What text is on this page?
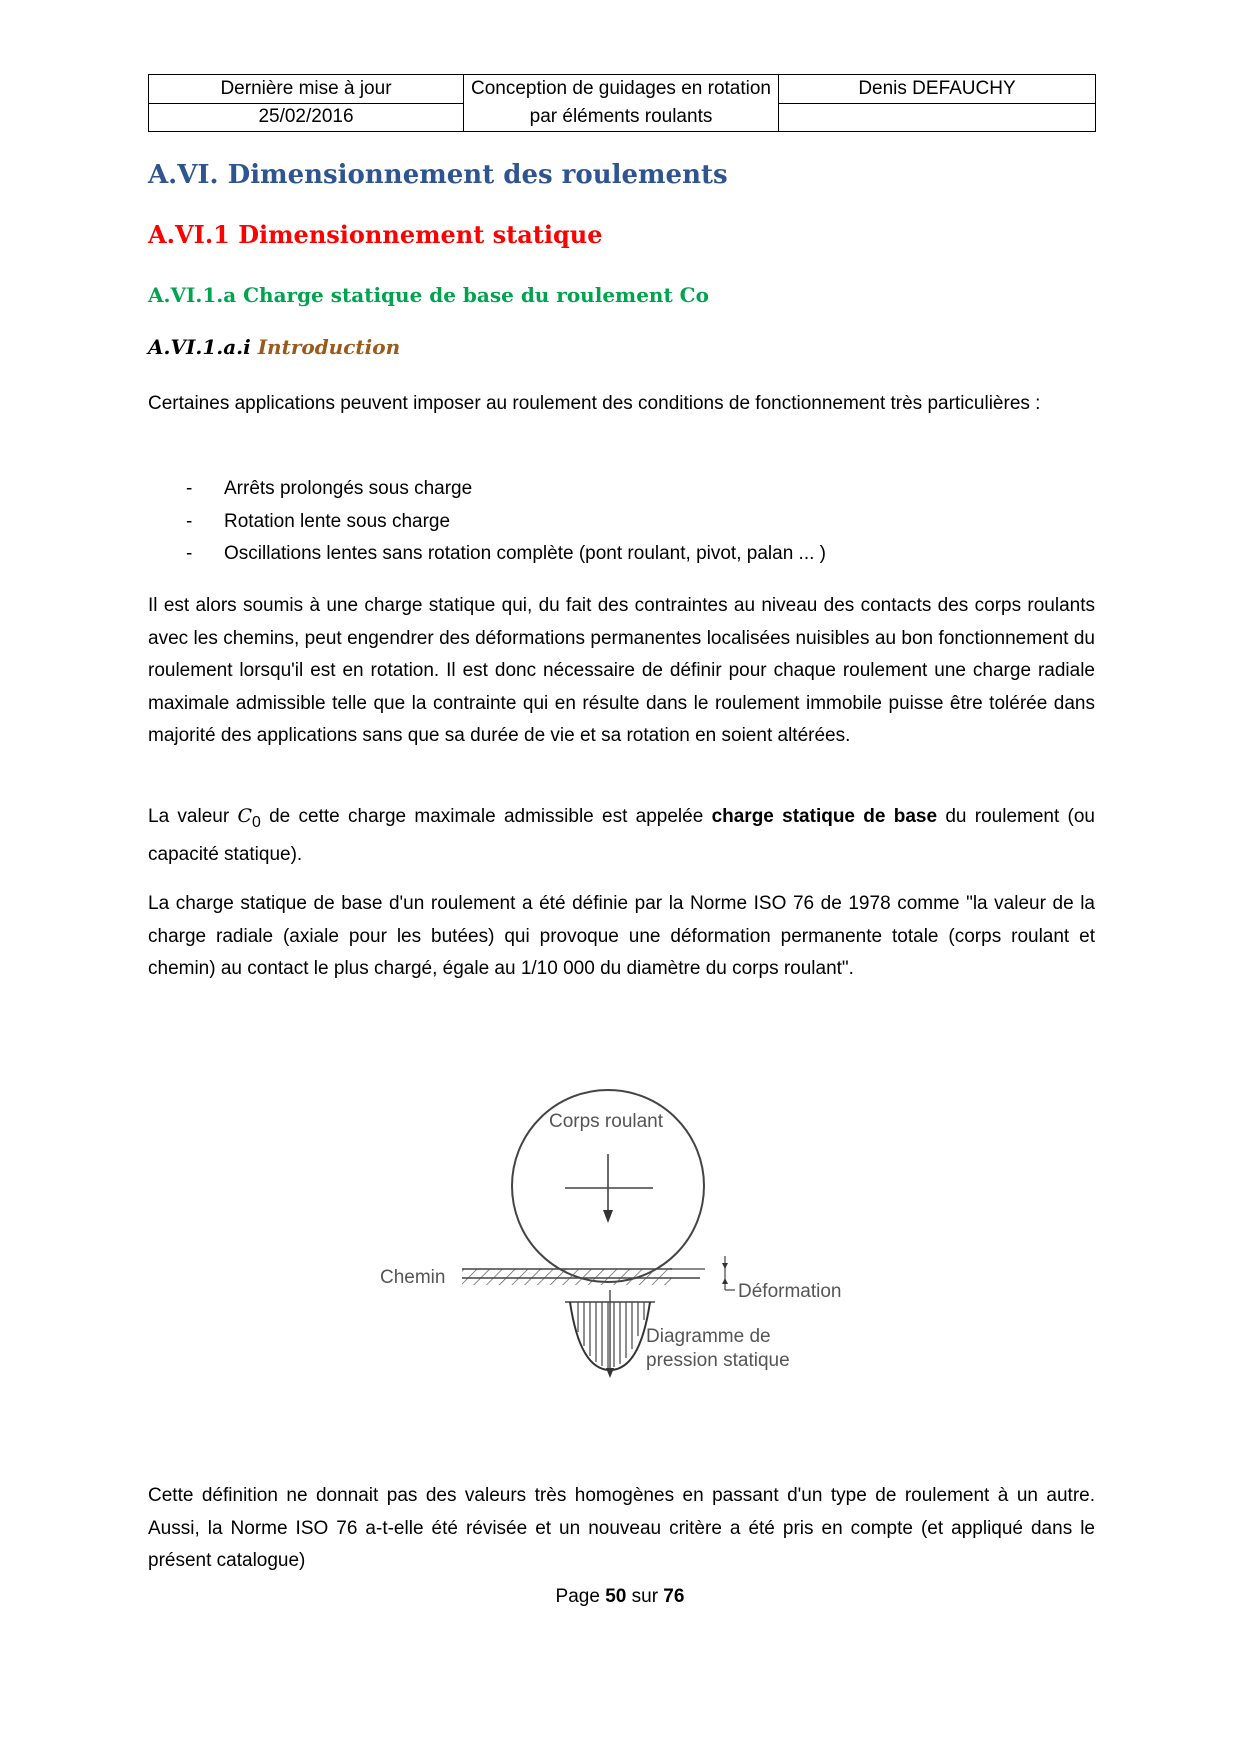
Dernière mise à jour	Conception de guidages en rotation par éléments roulants	Denis DEFAUCHY
25/02/2016		
A.VI. Dimensionnement des roulements
A.VI.1 Dimensionnement statique
A.VI.1.a Charge statique de base du roulement Co
A.VI.1.a.i Introduction

Certaines applications peuvent imposer au roulement des conditions de fonctionnement très particulières :

- Arrêts prolongés sous charge
- Rotation lente sous charge
- Oscillations lentes sans rotation complète (pont roulant, pivot, palan ... )

Il est alors soumis à une charge statique qui, du fait des contraintes au niveau des contacts des corps roulants avec les chemins, peut engendrer des déformations permanentes localisées nuisibles au bon fonctionnement du roulement lorsqu'il est en rotation. Il est donc nécessaire de définir pour chaque roulement une charge radiale maximale admissible telle que la contrainte qui en résulte dans le roulement immobile puisse être tolérée dans majorité des applications sans que sa durée de vie et sa rotation en soient altérées.

La valeur $C_0$ de cette charge maximale admissible est appelée charge statique de base du roulement (ou capacité statique).

La charge statique de base d'un roulement a été définie par la Norme ISO 76 de 1978 comme "la valeur de la charge radiale (axiale pour les butées) qui provoque une déformation permanente totale (corps roulant et chemin) au contact le plus chargé, égale au 1/10 000 du diamètre du corps roulant".

Corps roulant
Chemin
Déformation
Diagramme de
pression statique

Cette définition ne donnait pas des valeurs très homogènes en passant d'un type de roulement à un autre. Aussi, la Norme ISO 76 a-t-elle été révisée et un nouveau critère a été pris en compte (et appliqué dans le présent catalogue)

Page 50 sur 76
